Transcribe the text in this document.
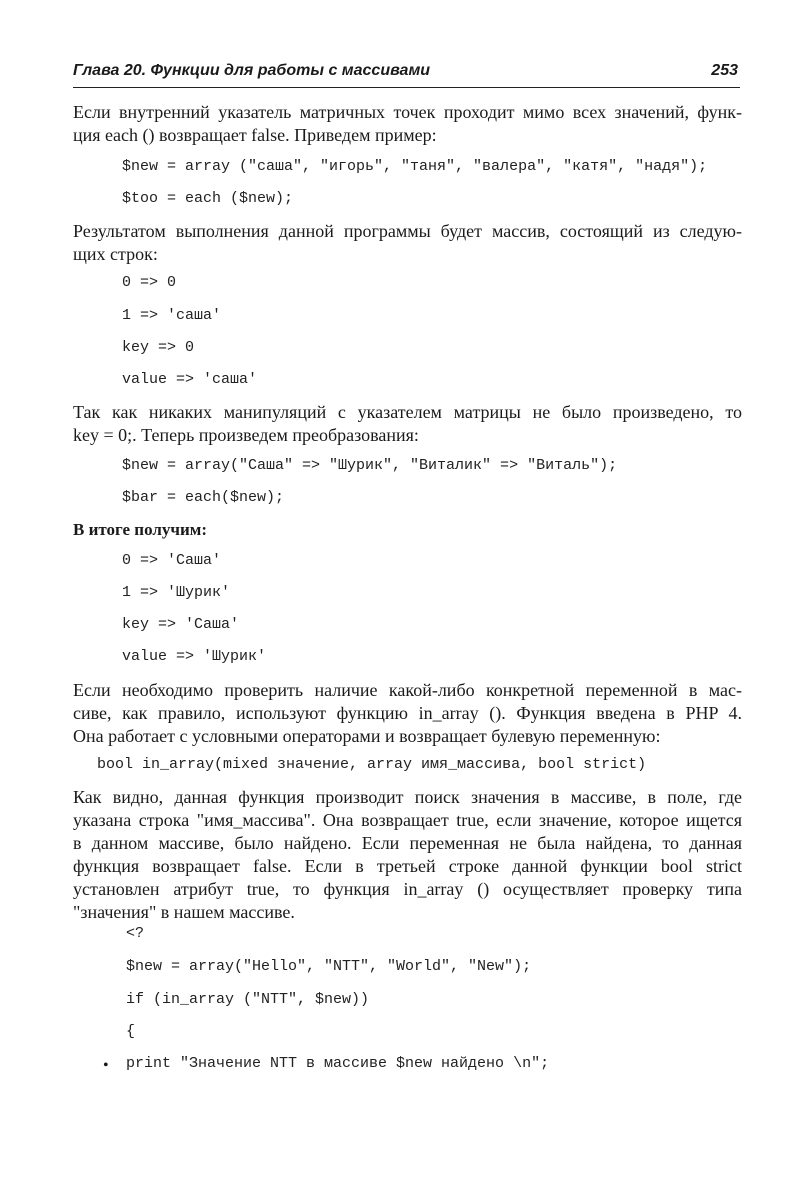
Глава 20. Функции для работы с массивами	253
Если внутренний указатель матричных точек проходит мимо всех значений, функ-
ция each () возвращает false. Приведем пример:
$new = array ("саша", "игорь", "таня", "валера", "катя", "надя");
$too = each ($new);
Результатом выполнения данной программы будет массив, состоящий из следую-
щих строк:
0 => 0
1 => 'саша'
key => 0
value => 'саша'
Так как никаких манипуляций с указателем матрицы не было произведено, то
key = 0;. Теперь произведем преобразования:
$new = array("Саша" => "Шурик", "Виталик" => "Виталь");
$bar = each($new);
В итоге получим:
0 => 'Саша'
1 => 'Шурик'
key => 'Саша'
value => 'Шурик'
Если необходимо проверить наличие какой-либо конкретной переменной в мас-
сиве, как правило, используют функцию in_array (). Функция введена в PHP 4.
Она работает с условными операторами и возвращает булевую переменную:
bool in_array(mixed значение, array имя_массива, bool strict)
Как видно, данная функция производит поиск значения в массиве, в поле, где
указана строка "имя_массива". Она возвращает true, если значение, которое ищется
в данном массиве, было найдено. Если переменная не была найдена, то данная
функция возвращает false. Если в третьей строке данной функции bool strict
установлен атрибут true, то функция in_array () осуществляет проверку типа
"значения" в нашем массиве.
<?
$new = array("Hello", "NTT", "World", "New");
if (in_array ("NTT", $new))
{
• print "Значение NTT в массиве $new найдено \n";
